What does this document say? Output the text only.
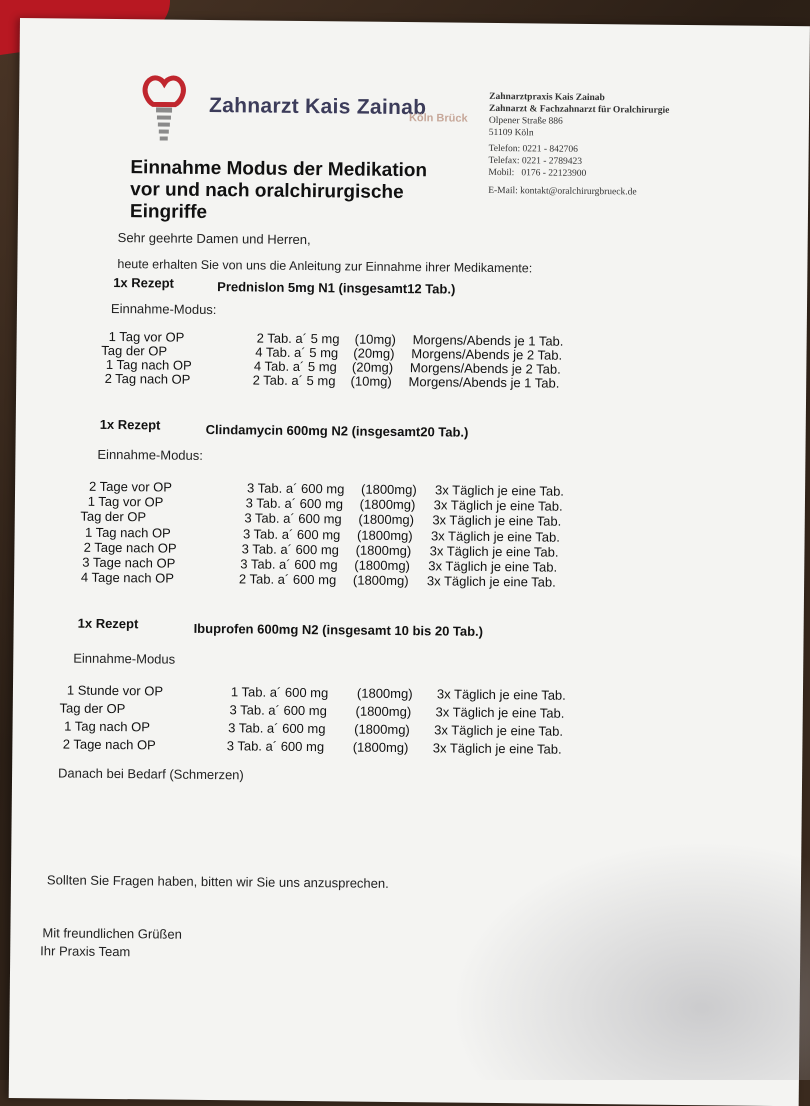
Zahnarzt Kais Zainab
Köln Brück
Zahnarztpraxis Kais Zainab
Zahnarzt & Fachzahnarzt für Oralchirurgie
Olpener Straße 886
51109 Köln
Telefon: 0221 - 842706
Telefax: 0221 - 2789423
Mobil:   0176 - 22123900
E-Mail: kontakt@oralchirurgbrueck.de
Einnahme Modus der Medikation
vor und nach oralchirurgische
Eingriffe
Sehr geehrte Damen und Herren,
heute erhalten Sie von uns die Anleitung zur Einnahme ihrer Medikamente:
1x Rezept	Prednislon 5mg N1 (insgesamt12 Tab.)
Einnahme-Modus:
1 Tag vor OP	2 Tab. a´ 5 mg (10mg) Morgens/Abends je 1 Tab.
Tag der OP	4 Tab. a´ 5 mg (20mg) Morgens/Abends je 2 Tab.
1 Tag nach OP	4 Tab. a´ 5 mg (20mg) Morgens/Abends je 2 Tab.
2 Tag nach OP	2 Tab. a´ 5 mg (10mg) Morgens/Abends je 1 Tab.
1x Rezept	Clindamycin 600mg N2 (insgesamt20 Tab.)
Einnahme-Modus:
2 Tage vor OP	3 Tab. a´ 600 mg (1800mg) 3x Täglich je eine Tab.
1 Tag vor OP	3 Tab. a´ 600 mg (1800mg) 3x Täglich je eine Tab.
Tag der OP	3 Tab. a´ 600 mg (1800mg) 3x Täglich je eine Tab.
1 Tag nach OP	3 Tab. a´ 600 mg (1800mg) 3x Täglich je eine Tab.
2 Tage nach OP	3 Tab. a´ 600 mg (1800mg) 3x Täglich je eine Tab.
3 Tage nach OP	3 Tab. a´ 600 mg (1800mg) 3x Täglich je eine Tab.
4 Tage nach OP	2 Tab. a´ 600 mg (1800mg) 3x Täglich je eine Tab.
1x Rezept	Ibuprofen 600mg N2 (insgesamt 10 bis 20 Tab.)
Einnahme-Modus
1 Stunde vor OP	1 Tab. a´ 600 mg (1800mg) 3x Täglich je eine Tab.
Tag der OP	3 Tab. a´ 600 mg (1800mg) 3x Täglich je eine Tab.
1 Tag nach OP	3 Tab. a´ 600 mg (1800mg) 3x Täglich je eine Tab.
2 Tage nach OP	3 Tab. a´ 600 mg (1800mg) 3x Täglich je eine Tab.
Danach bei Bedarf (Schmerzen)
Sollten Sie Fragen haben, bitten wir Sie uns anzusprechen.
Mit freundlichen Grüßen
Ihr Praxis Team
